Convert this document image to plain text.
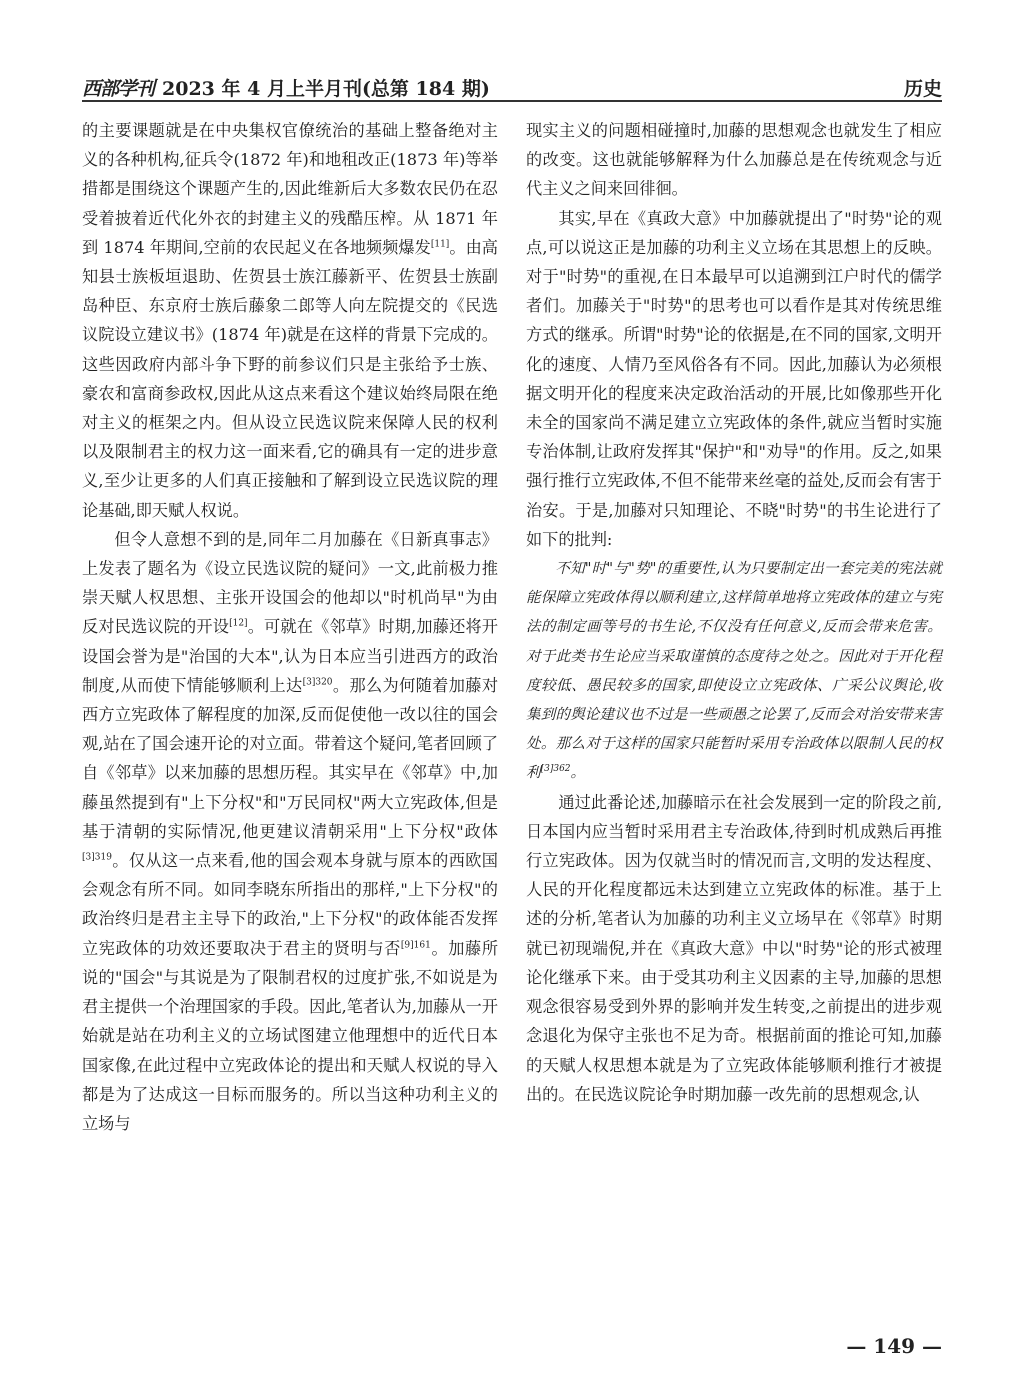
西部学刊 2023 年 4 月上半月刊(总第 184 期)	历史

的主要课题就是在中央集权官僚统治的基础上整备绝对主义的各种机构,征兵令(1872 年)和地租改正(1873 年)等举措都是围绕这个课题产生的,因此维新后大多数农民仍在忍受着披着近代化外衣的封建主义的残酷压榨。从 1871 年到 1874 年期间,空前的农民起义在各地频频爆发[11]。由高知县士族板垣退助、佐贺县士族江藤新平、佐贺县士族副岛种臣、东京府士族后藤象二郎等人向左院提交的《民选议院设立建议书》(1874 年)就是在这样的背景下完成的。这些因政府内部斗争下野的前参议们只是主张给予士族、豪农和富商参政权,因此从这点来看这个建议始终局限在绝对主义的框架之内。但从设立民选议院来保障人民的权利以及限制君主的权力这一面来看,它的确具有一定的进步意义,至少让更多的人们真正接触和了解到设立民选议院的理论基础,即天赋人权说。

但令人意想不到的是,同年二月加藤在《日新真事志》上发表了题名为《设立民选议院的疑问》一文,此前极力推崇天赋人权思想、主张开设国会的他却以"时机尚早"为由反对民选议院的开设[12]。可就在《邻草》时期,加藤还将开设国会誉为是"治国的大本",认为日本应当引进西方的政治制度,从而使下情能够顺利上达$^{[3]320}$。那么为何随着加藤对西方立宪政体了解程度的加深,反而促使他一改以往的国会观,站在了国会速开论的对立面。带着这个疑问,笔者回顾了自《邻草》以来加藤的思想历程。其实早在《邻草》中,加藤虽然提到有"上下分权"和"万民同权"两大立宪政体,但是基于清朝的实际情况,他更建议清朝采用"上下分权"政体$^{[3]319}$。仅从这一点来看,他的国会观本身就与原本的西欧国会观念有所不同。如同李晓东所指出的那样,"上下分权"的政治终归是君主主导下的政治,"上下分权"的政体能否发挥立宪政体的功效还要取决于君主的贤明与否$^{[9]161}$。加藤所说的"国会"与其说是为了限制君权的过度扩张,不如说是为君主提供一个治理国家的手段。因此,笔者认为,加藤从一开始就是站在功利主义的立场试图建立他理想中的近代日本国家像,在此过程中立宪政体论的提出和天赋人权说的导入都是为了达成这一目标而服务的。所以当这种功利主义的立场与

现实主义的问题相碰撞时,加藤的思想观念也就发生了相应的改变。这也就能够解释为什么加藤总是在传统观念与近代主义之间来回徘徊。

其实,早在《真政大意》中加藤就提出了"时势"论的观点,可以说这正是加藤的功利主义立场在其思想上的反映。对于"时势"的重视,在日本最早可以追溯到江户时代的儒学者们。加藤关于"时势"的思考也可以看作是其对传统思维方式的继承。所谓"时势"论的依据是,在不同的国家,文明开化的速度、人情乃至风俗各有不同。因此,加藤认为必须根据文明开化的程度来决定政治活动的开展,比如像那些开化未全的国家尚不满足建立立宪政体的条件,就应当暂时实施专治体制,让政府发挥其"保护"和"劝导"的作用。反之,如果强行推行立宪政体,不但不能带来丝毫的益处,反而会有害于治安。于是,加藤对只知理论、不晓"时势"的书生论进行了如下的批判:

不知"时"与"势"的重要性,认为只要制定出一套完美的宪法就能保障立宪政体得以顺利建立,这样简单地将立宪政体的建立与宪法的制定画等号的书生论,不仅没有任何意义,反而会带来危害。对于此类书生论应当采取谨慎的态度待之处之。因此对于开化程度较低、愚民较多的国家,即使设立立宪政体、广采公议舆论,收集到的舆论建议也不过是一些顽愚之论罢了,反而会对治安带来害处。那么对于这样的国家只能暂时采用专治政体以限制人民的权利$^{[3]362}$。

通过此番论述,加藤暗示在社会发展到一定的阶段之前,日本国内应当暂时采用君主专治政体,待到时机成熟后再推行立宪政体。因为仅就当时的情况而言,文明的发达程度、人民的开化程度都远未达到建立立宪政体的标准。基于上述的分析,笔者认为加藤的功利主义立场早在《邻草》时期就已初现端倪,并在《真政大意》中以"时势"论的形式被理论化继承下来。由于受其功利主义因素的主导,加藤的思想观念很容易受到外界的影响并发生转变,之前提出的进步观念退化为保守主张也不足为奇。根据前面的推论可知,加藤的天赋人权思想本就是为了立宪政体能够顺利推行才被提出的。在民选议院论争时期加藤一改先前的思想观念,认

— 149 —
